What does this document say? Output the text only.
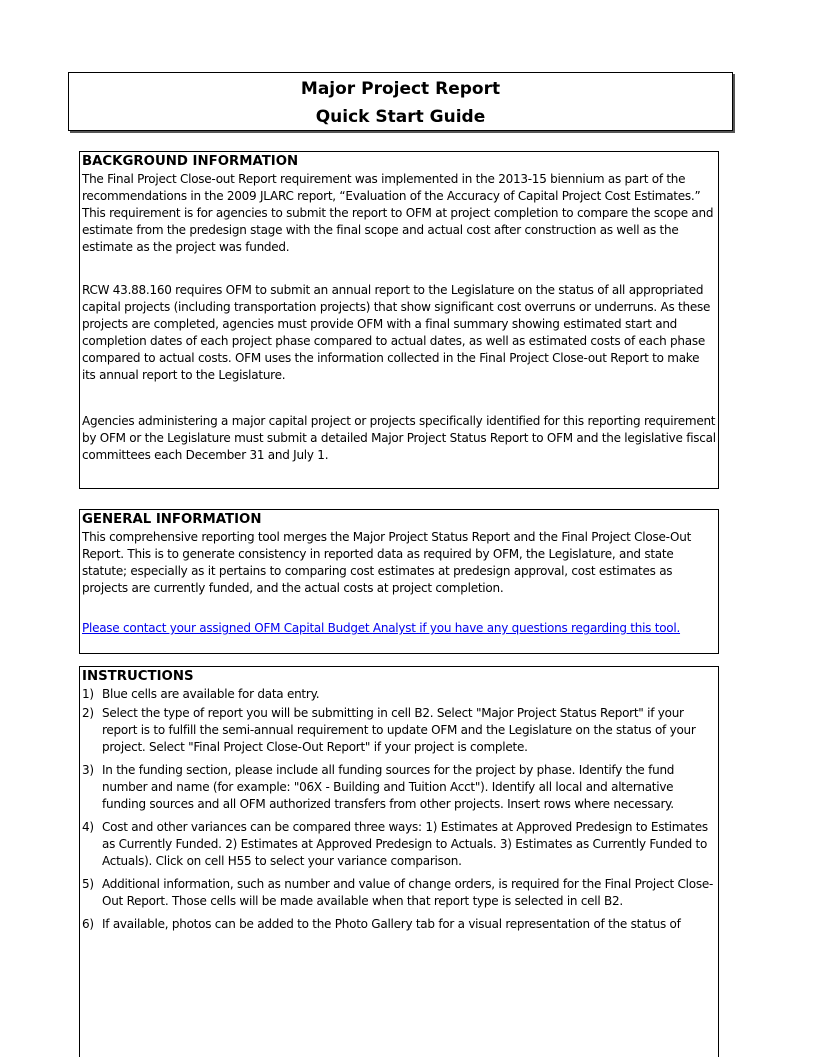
Major Project Report
Quick Start Guide
BACKGROUND INFORMATION

The Final Project Close-out Report requirement was implemented in the 2013-15 biennium as part of the recommendations in the 2009 JLARC report, “Evaluation of the Accuracy of Capital Project Cost Estimates.” This requirement is for agencies to submit the report to OFM at project completion to compare the scope and estimate from the predesign stage with the final scope and actual cost after construction as well as the estimate as the project was funded.

RCW 43.88.160 requires OFM to submit an annual report to the Legislature on the status of all appropriated capital projects (including transportation projects) that show significant cost overruns or underruns. As these projects are completed, agencies must provide OFM with a final summary showing estimated start and completion dates of each project phase compared to actual dates, as well as estimated costs of each phase compared to actual costs. OFM uses the information collected in the Final Project Close-out Report to make its annual report to the Legislature.

Agencies administering a major capital project or projects specifically identified for this reporting requirement by OFM or the Legislature must submit a detailed Major Project Status Report to OFM and the legislative fiscal committees each December 31 and July 1.

GENERAL INFORMATION

This comprehensive reporting tool merges the Major Project Status Report and the Final Project Close-Out Report. This is to generate consistency in reported data as required by OFM, the Legislature, and state statute; especially as it pertains to comparing cost estimates at predesign approval, cost estimates as projects are currently funded, and the actual costs at project completion.

Please contact your assigned OFM Capital Budget Analyst if you have any questions regarding this tool.
INSTRUCTIONS
1) Blue cells are available for data entry.
2) Select the type of report you will be submitting in cell B2. Select "Major Project Status Report" if your report is to fulfill the semi-annual requirement to update OFM and the Legislature on the status of your project. Select "Final Project Close-Out Report" if your project is complete.
3) In the funding section, please include all funding sources for the project by phase. Identify the fund number and name (for example: "06X - Building and Tuition Acct"). Identify all local and alternative funding sources and all OFM authorized transfers from other projects. Insert rows where necessary.
4) Cost and other variances can be compared three ways: 1) Estimates at Approved Predesign to Estimates as Currently Funded. 2) Estimates at Approved Predesign to Actuals. 3) Estimates as Currently Funded to Actuals). Click on cell H55 to select your variance comparison.
5) Additional information, such as number and value of change orders, is required for the Final Project Close-Out Report. Those cells will be made available when that report type is selected in cell B2.
6) If available, photos can be added to the Photo Gallery tab for a visual representation of the status of
